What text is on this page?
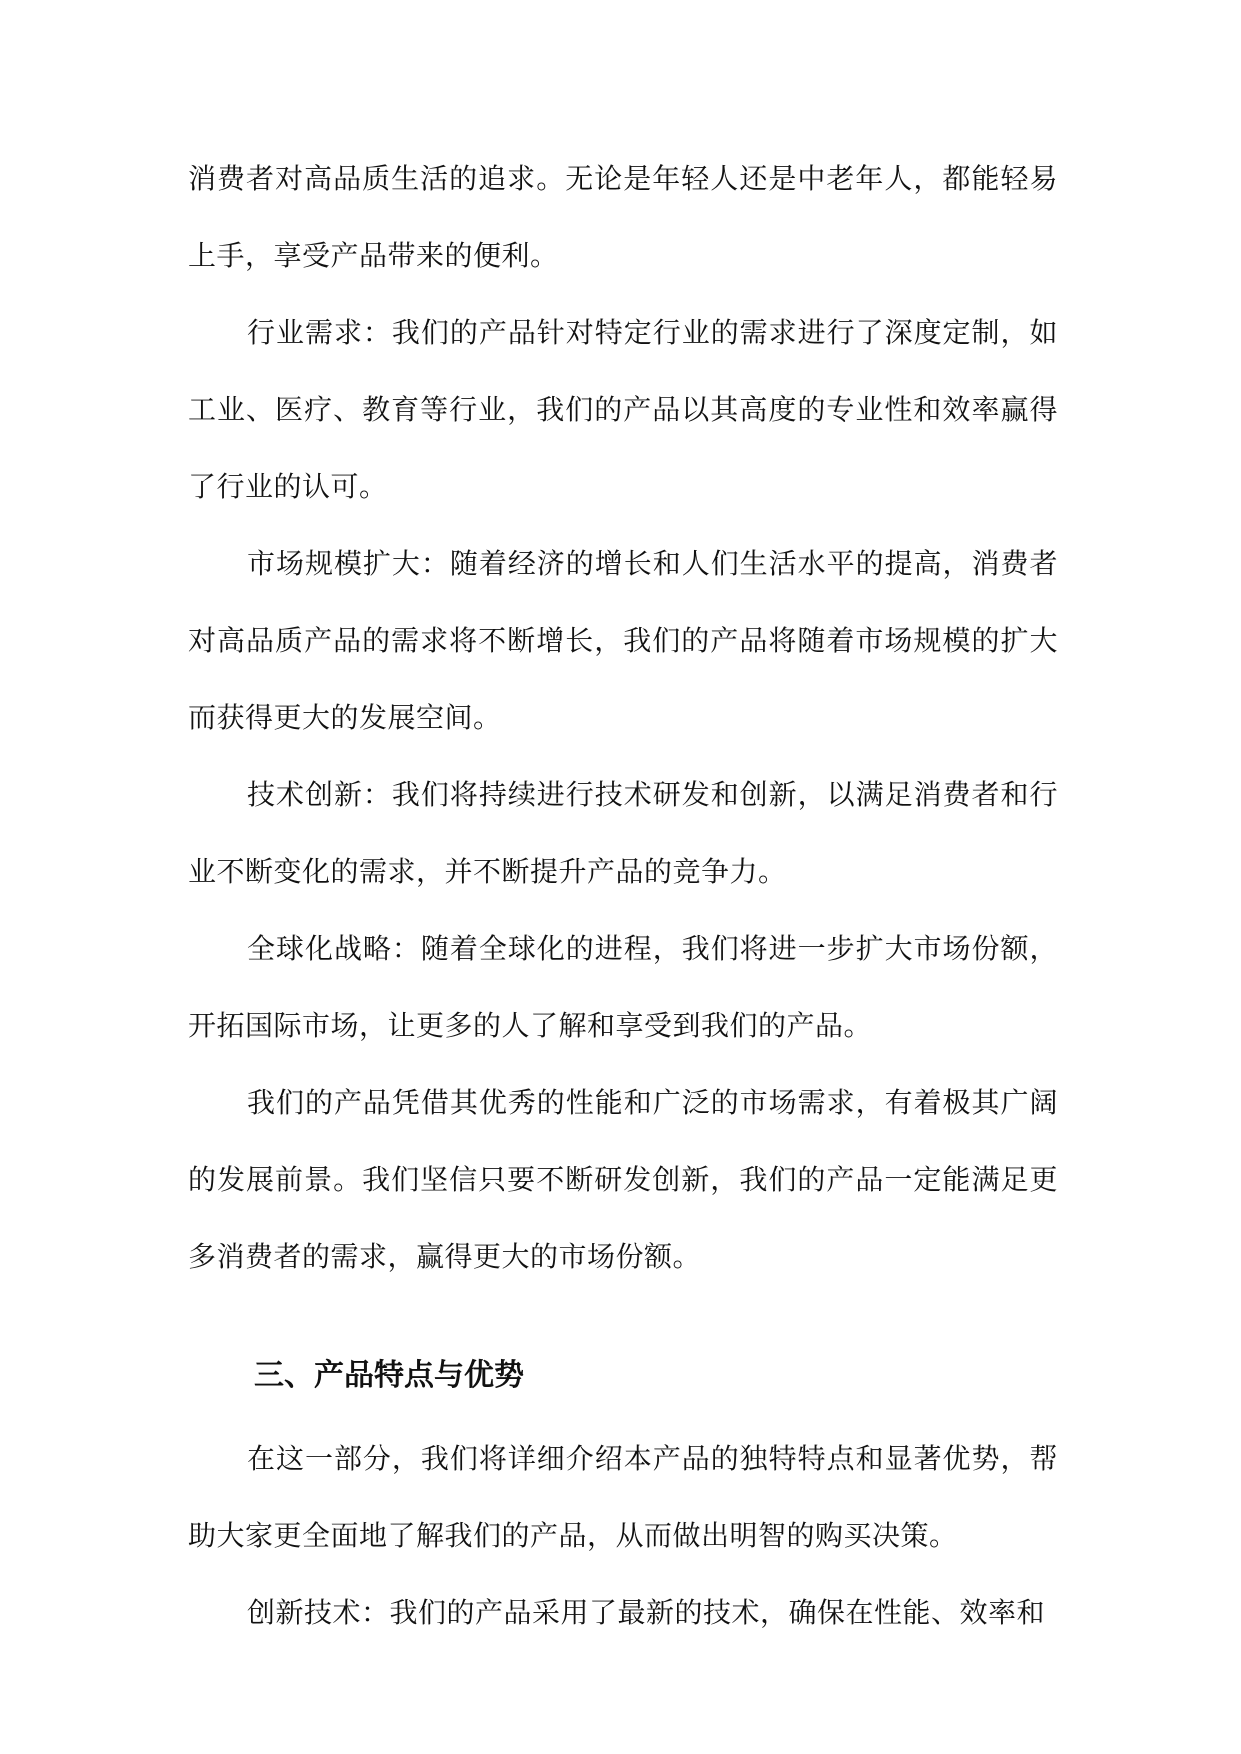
消费者对高品质生活的追求。无论是年轻人还是中老年人，都能轻易上手，享受产品带来的便利。

行业需求：我们的产品针对特定行业的需求进行了深度定制，如工业、医疗、教育等行业，我们的产品以其高度的专业性和效率赢得了行业的认可。

市场规模扩大：随着经济的增长和人们生活水平的提高，消费者对高品质产品的需求将不断增长，我们的产品将随着市场规模的扩大而获得更大的发展空间。

技术创新：我们将持续进行技术研发和创新，以满足消费者和行业不断变化的需求，并不断提升产品的竞争力。

全球化战略：随着全球化的进程，我们将进一步扩大市场份额，开拓国际市场，让更多的人了解和享受到我们的产品。

我们的产品凭借其优秀的性能和广泛的市场需求，有着极其广阔的发展前景。我们坚信只要不断研发创新，我们的产品一定能满足更多消费者的需求，赢得更大的市场份额。

三、产品特点与优势

在这一部分，我们将详细介绍本产品的独特特点和显著优势，帮助大家更全面地了解我们的产品，从而做出明智的购买决策。

创新技术：我们的产品采用了最新的技术，确保在性能、效率和
